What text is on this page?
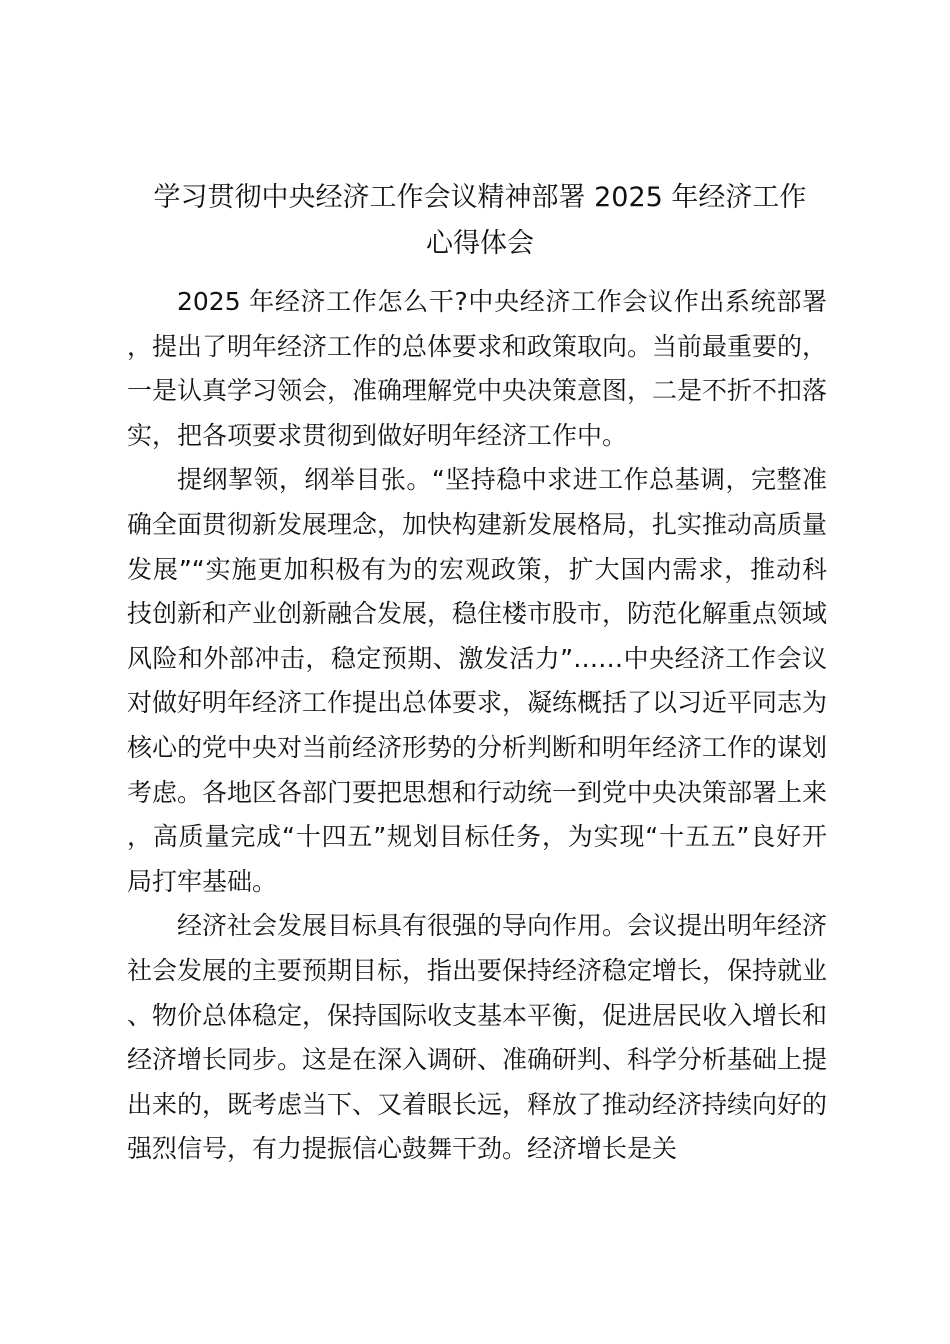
学习贯彻中央经济工作会议精神部署 2025 年经济工作
心得体会

2025 年经济工作怎么干?中央经济工作会议作出系统部署，提出了明年经济工作的总体要求和政策取向。当前最重要的，一是认真学习领会，准确理解党中央决策意图，二是不折不扣落实，把各项要求贯彻到做好明年经济工作中。

提纲挈领，纲举目张。“坚持稳中求进工作总基调，完整准确全面贯彻新发展理念，加快构建新发展格局，扎实推动高质量发展”“实施更加积极有为的宏观政策，扩大国内需求，推动科技创新和产业创新融合发展，稳住楼市股市，防范化解重点领域风险和外部冲击，稳定预期、激发活力”……中央经济工作会议对做好明年经济工作提出总体要求，凝练概括了以习近平同志为核心的党中央对当前经济形势的分析判断和明年经济工作的谋划考虑。各地区各部门要把思想和行动统一到党中央决策部署上来，高质量完成“十四五”规划目标任务，为实现“十五五”良好开局打牢基础。

经济社会发展目标具有很强的导向作用。会议提出明年经济社会发展的主要预期目标，指出要保持经济稳定增长，保持就业、物价总体稳定，保持国际收支基本平衡，促进居民收入增长和经济增长同步。这是在深入调研、准确研判、科学分析基础上提出来的，既考虑当下、又着眼长远，释放了推动经济持续向好的强烈信号，有力提振信心鼓舞干劲。经济增长是关
